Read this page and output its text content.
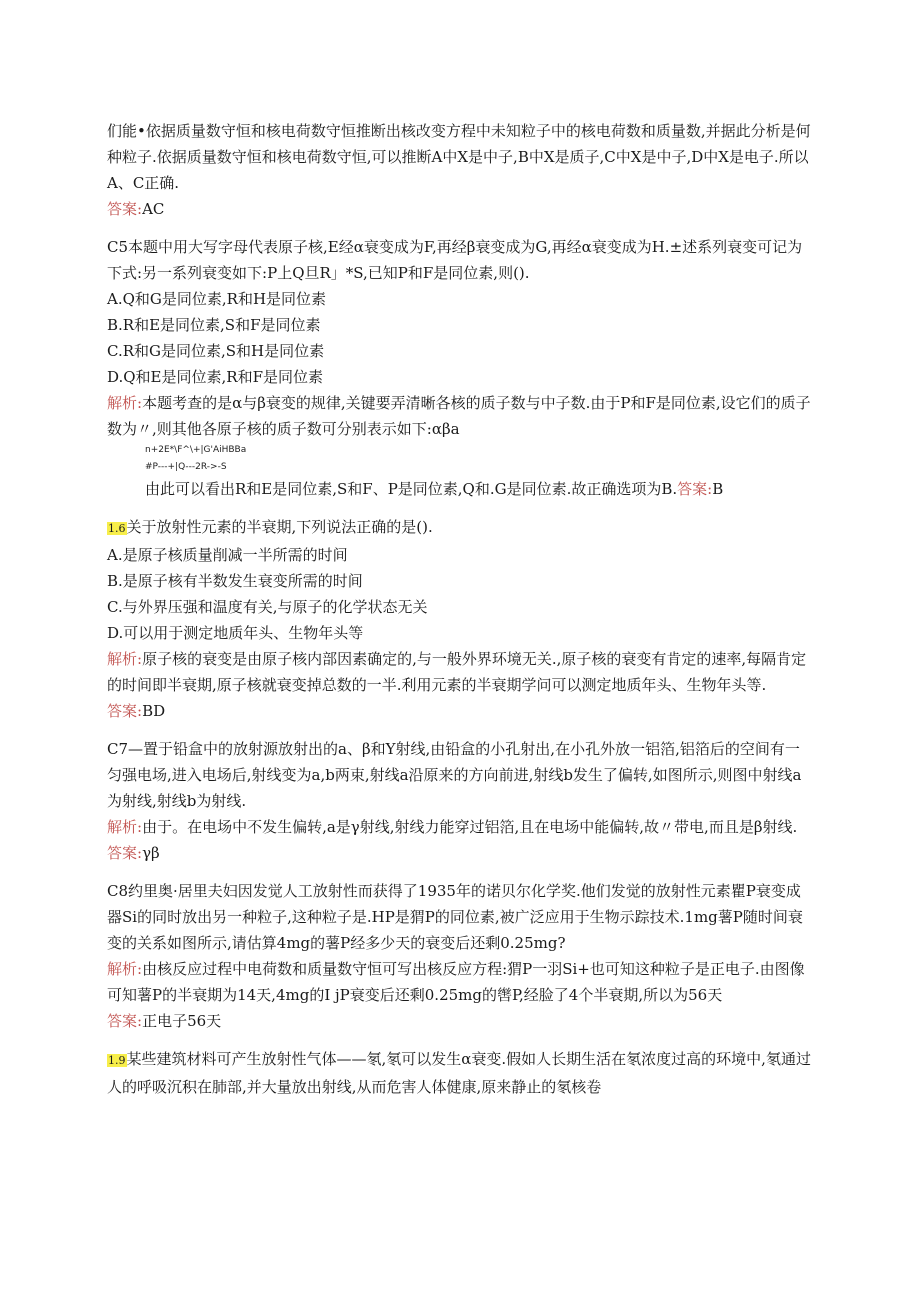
们能•依据质量数守恒和核电荷数守恒推断出核改变方程中未知粒子中的核电荷数和质量数,并据此分析是何种粒子.依据质量数守恒和核电荷数守恒,可以推断A中X是中子,B中X是质子,C中X是中子,D中X是电子.所以A、C正确.

答案:AC

C5本题中用大写字母代表原子核,E经α衰变成为F,再经β衰变成为G,再经α衰变成为H.±述系列衰变可记为下式:另一系列衰变如下:P上Q旦R」*S,已知P和F是同位素,则().

A.Q和G是同位素,R和H是同位素

B.R和E是同位素,S和F是同位素

C.R和G是同位素,S和H是同位素

D.Q和E是同位素,R和F是同位素

解析:本题考查的是α与β衰变的规律,关键要弄清晰各核的质子数与中子数.由于P和F是同位素,设它们的质子数为〃,则其他各原子核的质子数可分别表示如下:αβa

n+2E*\F^\+|G'AiHBBa

#P---+|Q---2R->-S

由此可以看出R和E是同位素,S和F、P是同位素,Q和.G是同位素.故正确选项为B.答案:B

1.6关于放射性元素的半衰期,下列说法正确的是().

A.是原子核质量削减一半所需的时间

B.是原子核有半数发生衰变所需的时间

C.与外界压强和温度有关,与原子的化学状态无关

D.可以用于测定地质年头、生物年头等

解析:原子核的衰变是由原子核内部因素确定的,与一般外界环境无关.,原子核的衰变有肯定的速率,每隔肯定的时间即半衰期,原子核就衰变掉总数的一半.利用元素的半衰期学问可以测定地质年头、生物年头等.

答案:BD

C7—置于铅盒中的放射源放射出的a、β和Y射线,由铅盒的小孔射出,在小孔外放一铝箔,铝箔后的空间有一匀强电场,进入电场后,射线变为a,b两束,射线a沿原来的方向前进,射线b发生了偏转,如图所示,则图中射线a为射线,射线b为射线.

解析:由于。在电场中不发生偏转,a是γ射线,射线力能穿过铝箔,且在电场中能偏转,故〃带电,而且是β射线.

答案:γβ

C8约里奥·居里夫妇因发觉人工放射性而获得了1935年的诺贝尔化学奖.他们发觉的放射性元素瞿P衰变成器Si的同时放出另一种粒子,这种粒子是.HP是猬P的同位素,被广泛应用于生物示踪技术.1mg薯P随时间衰变的关系如图所示,请估算4mg的薯P经多少天的衰变后还剩0.25mg?

解析:由核反应过程中电荷数和质量数守恒可写出核反应方程:猬P一羽Si+也可知这种粒子是正电子.由图像可知薯P的半衰期为14天,4mg的I jP衰变后还剩0.25mg的辔P,经脸了4个半衰期,所以为56天

答案:正电子56天

1.9某些建筑材料可产生放射性气体——氡,氡可以发生α衰变.假如人长期生活在氡浓度过高的环境中,氡通过人的呼吸沉积在肺部,并大量放出射线,从而危害人体健康,原来静止的氡核卷
